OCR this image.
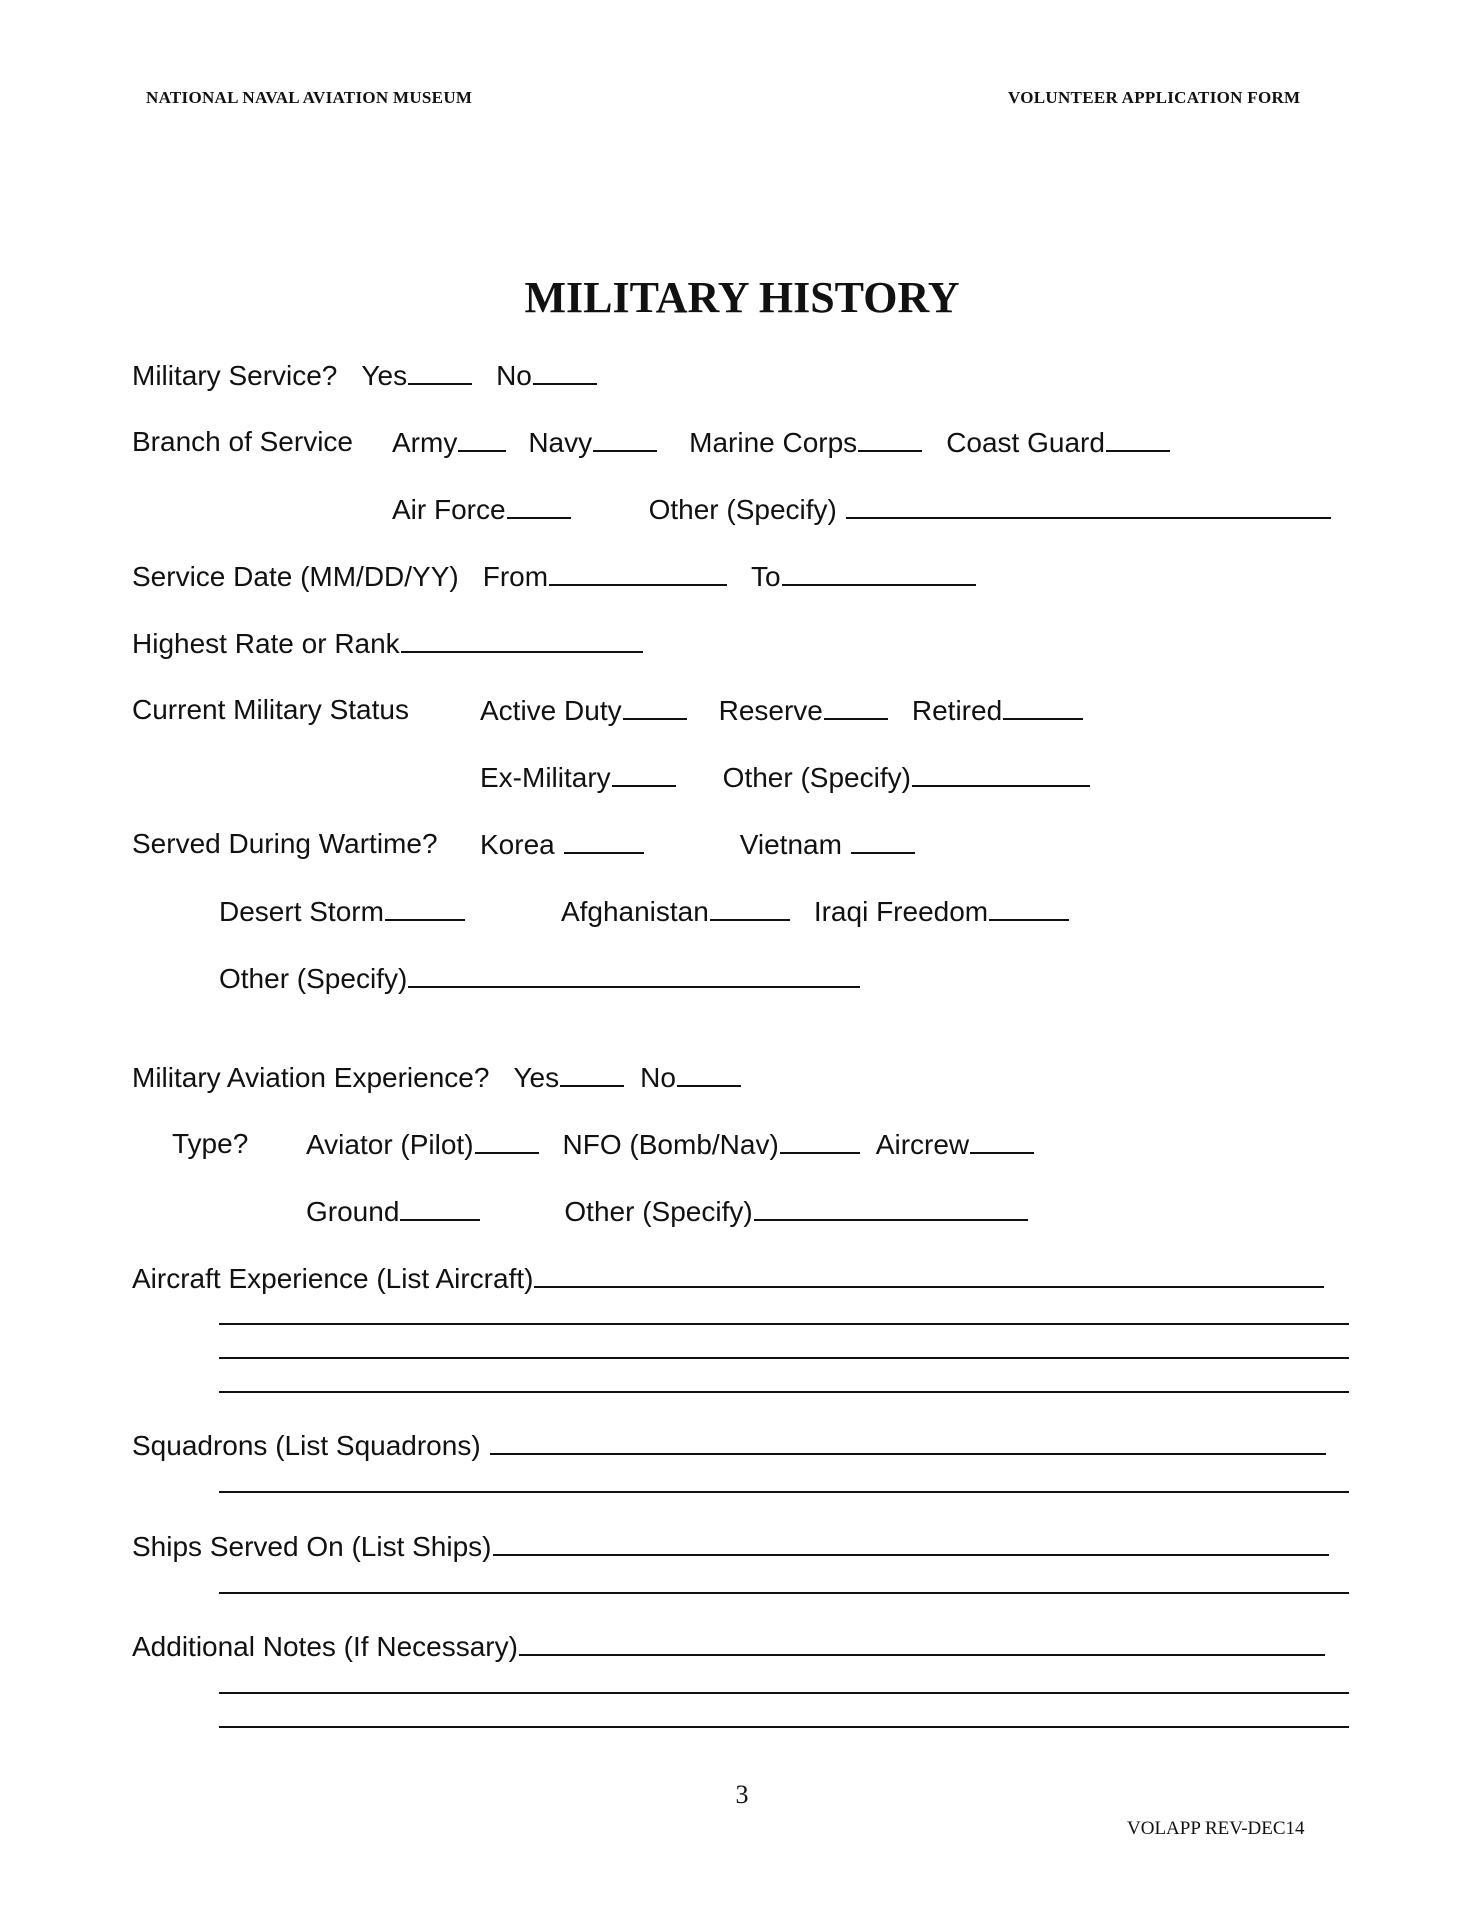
NATIONAL NAVAL AVIATION MUSEUM	VOLUNTEER APPLICATION FORM
MILITARY HISTORY
Military Service? Yes	No
Branch of Service Army	Navy	Marine Corps	Coast Guard
Air Force	Other (Specify)
Service Date (MM/DD/YY) From	To
Highest Rate or Rank
Current Military Status	Active Duty	Reserve	Retired
Ex-Military	Other (Specify)
Served During Wartime? Korea	Vietnam
Desert Storm	Afghanistan	Iraqi Freedom
Other (Specify)
Military Aviation Experience? Yes	No
Type? Aviator (Pilot)	NFO (Bomb/Nav)	Aircrew
Ground	Other (Specify)
Aircraft Experience (List Aircraft)
Squadrons (List Squadrons)
Ships Served On (List Ships)
Additional Notes (If Necessary)
3
VOLAPP REV-DEC14
